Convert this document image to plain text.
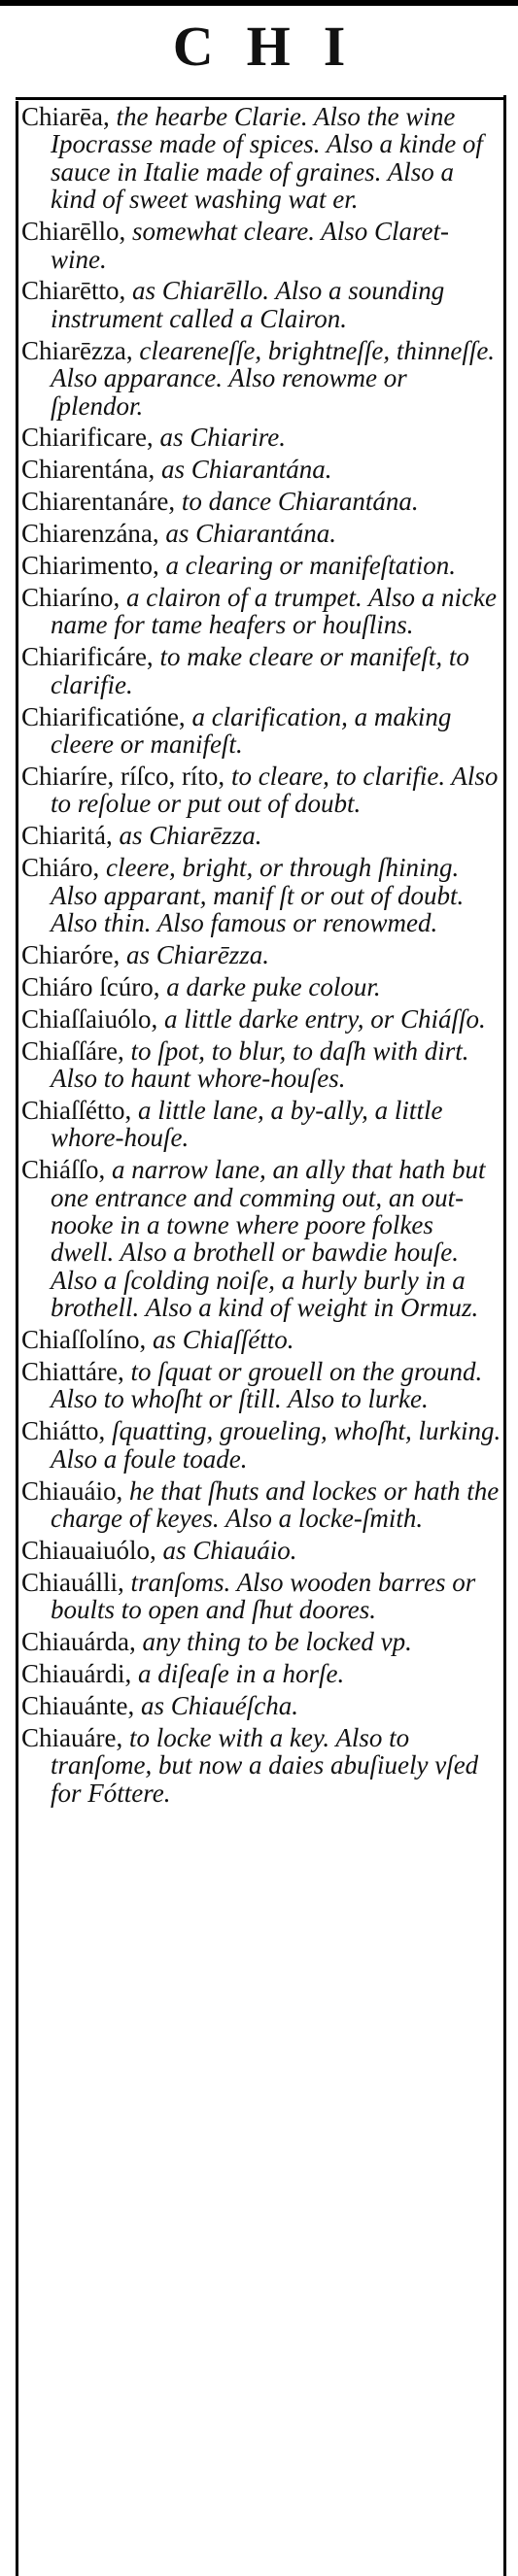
CHI

Chiarēa, the hearbe Clarie. Also the wine Ipocrasse made of spices. Also a kinde of sauce in Italie made of graines. Also a kind of sweet washing wat er.

Chiarēllo, somewhat cleare. Also Claret-wine.

Chiarētto, as Chiarēllo. Also a sounding instrument called a Clairon.

Chiarēzza, cleareneſſe, brightneſſe, thinneſſe. Also apparance. Also renowme or ſplendor.

Chiarificare, as Chiarire.

Chiarentána, as Chiarantána.

Chiarentanáre, to dance Chiarantána.

Chiarenzána, as Chiarantána.

Chiarimento, a clearing or manifeſtation.

Chiaríno, a clairon of a trumpet. Also a nicke name for tame heafers or houſlins.

Chiarificáre, to make cleare or manifeſt, to clarifie.

Chiarificatióne, a clarification, a making cleere or manifeſt.

Chiaríre, ríſco, ríto, to cleare, to clarifie. Also to reſolue or put out of doubt.

Chiaritá, as Chiarēzza.

Chiáro, cleere, bright, or through ſhining. Also apparant, manif ſt or out of doubt. Also thin. Also famous or renowmed.

Chiaróre, as Chiarēzza.

Chiáro ſcúro, a darke puke colour.

Chiaſſaiuólo, a little darke entry, or Chiáſſo.

Chiaſſáre, to ſpot, to blur, to daſh with dirt. Also to haunt whore-houſes.

Chiaſſétto, a little lane, a by-ally, a little whore-houſe.

Chiáſſo, a narrow lane, an ally that hath but one entrance and comming out, an out-nooke in a towne where poore folkes dwell. Also a brothell or bawdie houſe. Also a ſcolding noiſe, a hurly burly in a brothell. Also a kind of weight in Ormuz.

Chiaſſolíno, as Chiaſſétto.

Chiattáre, to ſquat or grouell on the ground. Also to whoſht or ſtill. Also to lurke.

Chiátto, ſquatting, groueling, whoſht, lurking. Also a foule toade.

Chiauáio, he that ſhuts and lockes or hath the charge of keyes. Also a locke-ſmith.

Chiauaiuólo, as Chiauáio.

Chiauálli, tranſoms. Also wooden barres or boults to open and ſhut doores.

Chiauárda, any thing to be locked vp.

Chiauárdi, a diſeaſe in a horſe.

Chiauánte, as Chiauéſcha.

Chiauáre, to locke with a key. Also to tranſome, but now a daies abuſiuely vſed for Fóttere.
